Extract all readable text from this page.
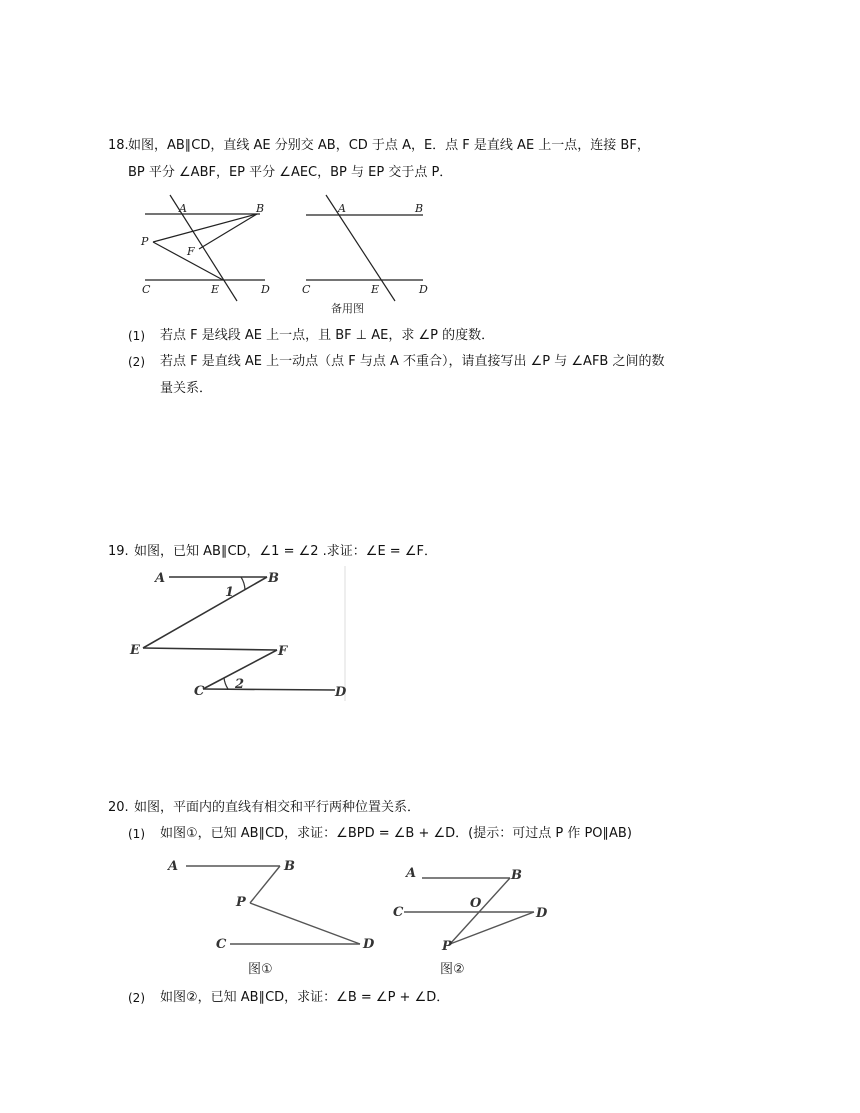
18. 如图，AB∥CD，直线 AE 分别交 AB，CD 于点 A，E．点 F 是直线 AE 上一点，连接 BF，
BP 平分 ∠ABF，EP 平分 ∠AEC，BP 与 EP 交于点 P．
A	B
P
F
C	E	D
A	B
C	E	D
备用图
(1) 若点 F 是线段 AE 上一点，且 BF ⊥ AE，求 ∠P 的度数．
(2) 若点 F 是直线 AE 上一动点（点 F 与点 A 不重合），请直接写出 ∠P 与 ∠AFB 之间的数
量关系．
19. 如图，已知 AB∥CD，∠1 = ∠2 .求证：∠E = ∠F．
A	B
1
E	F
2
C	D
20. 如图，平面内的直线有相交和平行两种位置关系．
(1) 如图①，已知 AB∥CD，求证：∠BPD = ∠B + ∠D．(提示：可过点 P 作 PO∥AB)
A	B
P
C	D
图①
A	B
O
C	D
P
图②
(2) 如图②，已知 AB∥CD，求证：∠B = ∠P + ∠D．
